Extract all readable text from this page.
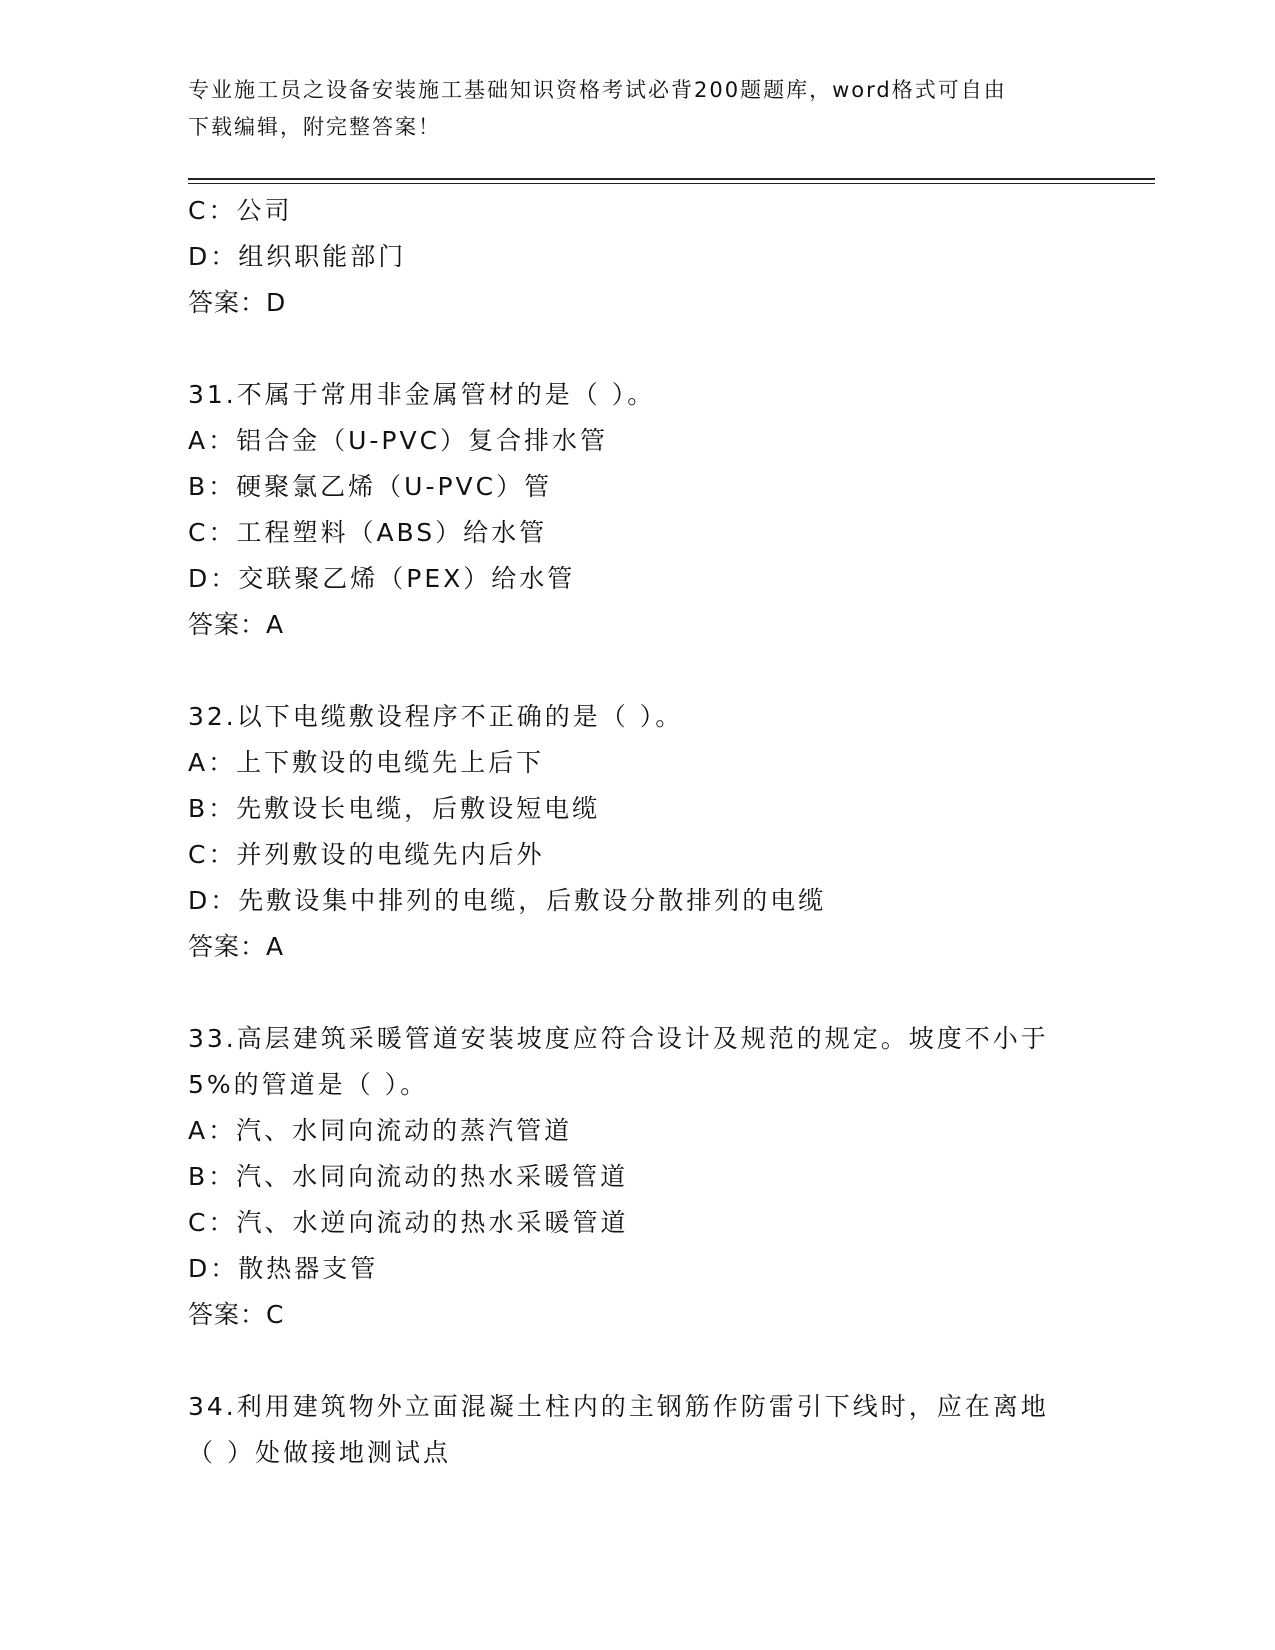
专业施工员之设备安装施工基础知识资格考试必背200题题库，word格式可自由
下载编辑，附完整答案！
C：公司
D：组织职能部门
答案：D
31.不属于常用非金属管材的是（ ）。
A：铝合金（U-PVC）复合排水管
B：硬聚氯乙烯（U-PVC）管
C：工程塑料（ABS）给水管
D：交联聚乙烯（PEX）给水管
答案：A
32.以下电缆敷设程序不正确的是（ ）。
A：上下敷设的电缆先上后下
B：先敷设长电缆，后敷设短电缆
C：并列敷设的电缆先内后外
D：先敷设集中排列的电缆，后敷设分散排列的电缆
答案：A
33.高层建筑采暖管道安装坡度应符合设计及规范的规定。坡度不小于
5%的管道是（ ）。
A：汽、水同向流动的蒸汽管道
B：汽、水同向流动的热水采暖管道
C：汽、水逆向流动的热水采暖管道
D：散热器支管
答案：C
34.利用建筑物外立面混凝土柱内的主钢筋作防雷引下线时，应在离地
（ ）处做接地测试点
